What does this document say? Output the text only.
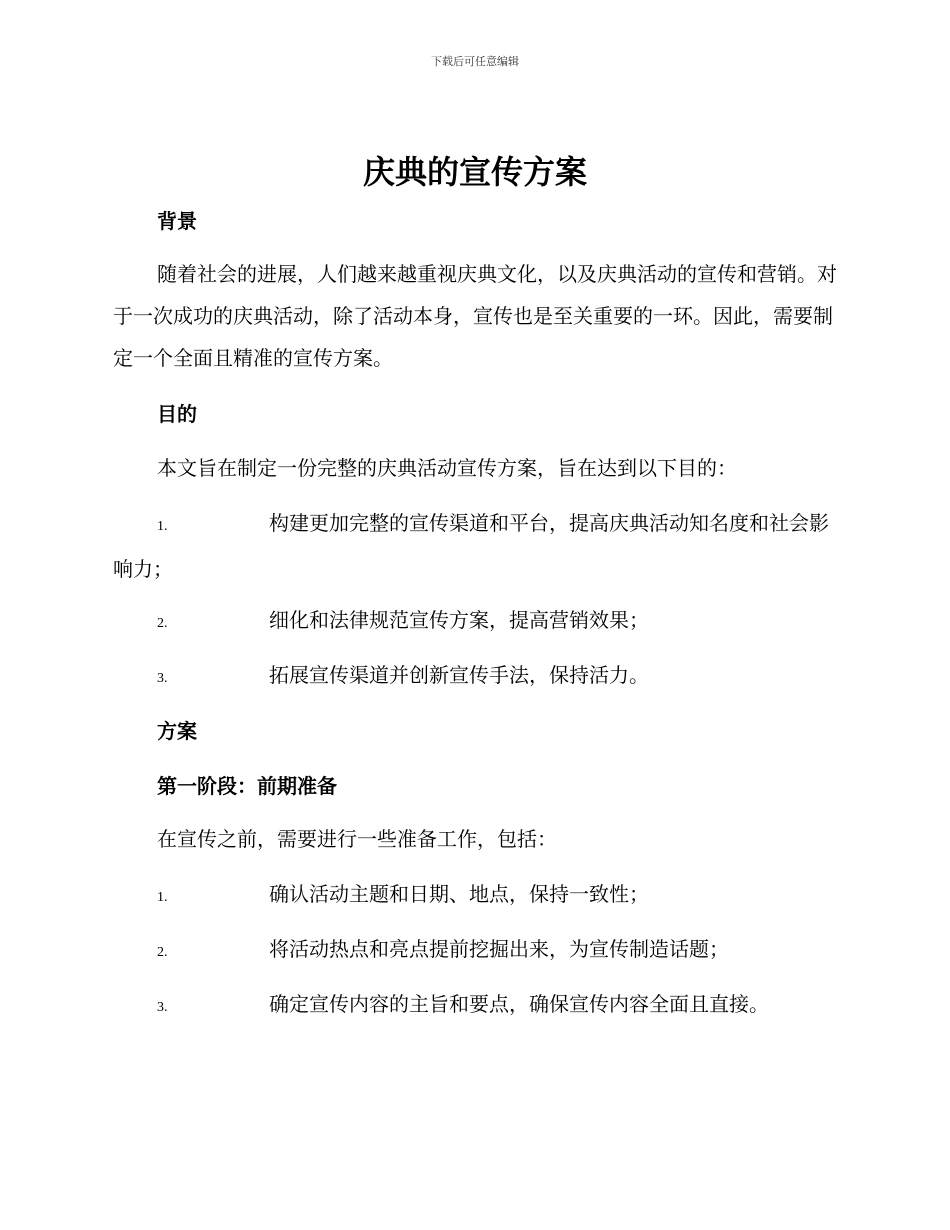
下载后可任意编辑
庆典的宣传方案
背景

随着社会的进展，人们越来越重视庆典文化，以及庆典活动的宣传和营销。对于一次成功的庆典活动，除了活动本身，宣传也是至关重要的一环。因此，需要制定一个全面且精准的宣传方案。

目的

本文旨在制定一份完整的庆典活动宣传方案，旨在达到以下目的：

1.	构建更加完整的宣传渠道和平台，提高庆典活动知名度和社会影响力；

2.	细化和法律规范宣传方案，提高营销效果；

3.	拓展宣传渠道并创新宣传手法，保持活力。

方案
第一阶段：前期准备

在宣传之前，需要进行一些准备工作，包括：

1.	确认活动主题和日期、地点，保持一致性；

2.	将活动热点和亮点提前挖掘出来，为宣传制造话题；

3.	确定宣传内容的主旨和要点，确保宣传内容全面且直接。
